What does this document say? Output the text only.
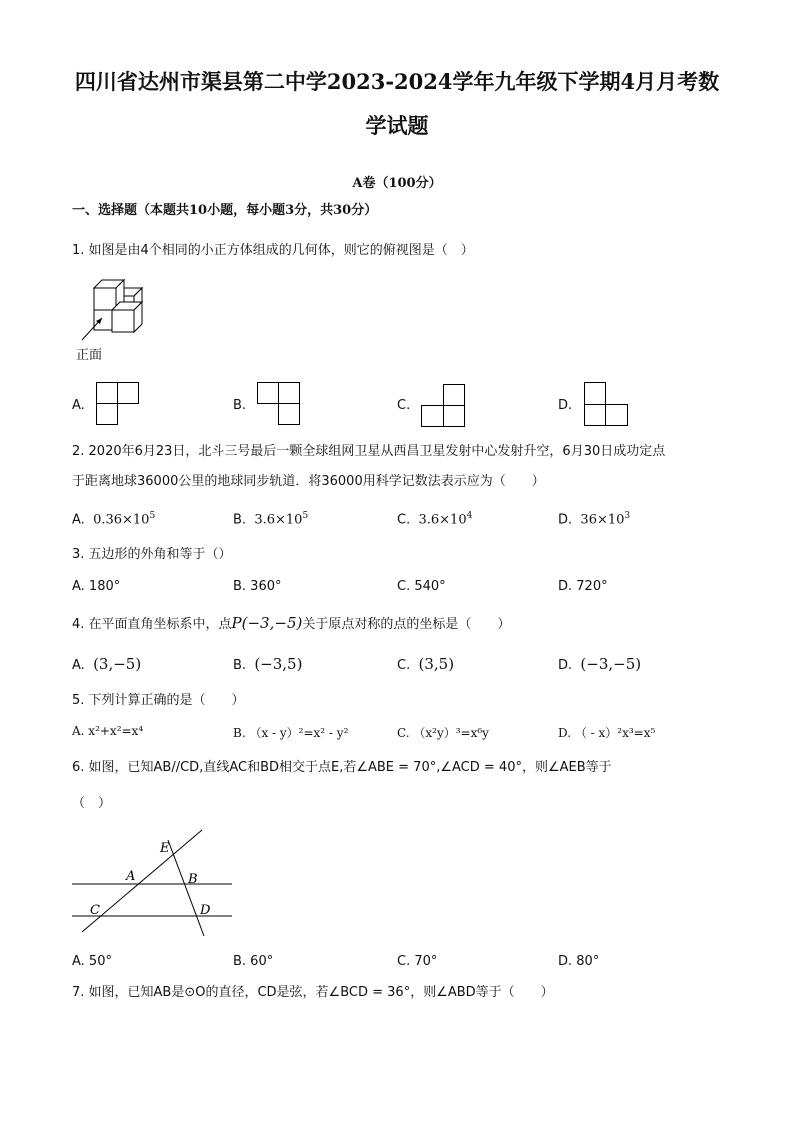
四川省达州市渠县第二中学2023-2024学年九年级下学期4月月考数
学试题
A卷（100分）
一、选择题（本题共10小题，每小题3分，共30分）
1. 如图是由4个相同的小正方体组成的几何体，则它的俯视图是（　）
正面
A.	B.	C.	D.
2. 2020年6月23日，北斗三号最后一颗全球组网卫星从西昌卫星发射中心发射升空，6月30日成功定点
于距离地球36000公里的地球同步轨道．将36000用科学记数法表示应为（　　）
A. $0.36\times 10^5$	B. $3.6\times 10^5$	C. $3.6\times 10^4$	D. $36\times 10^3$
3. 五边形的外角和等于（）
A. 180°	B. 360°	C. 540°	D. 720°
4. 在平面直角坐标系中，点P(−3,−5)关于原点对称的点的坐标是（　　）
A. (3,−5)	B. (−3,5)	C. (3,5)	D. (−3,−5)
5. 下列计算正确的是（　　）
A. x²+x²=x⁴	B. （x - y）²=x² - y²	C. （x²y）³=x⁶y	D. （ - x）²x³=x⁵
6. 如图，已知AB//CD,直线AC和BD相交于点E,若∠ABE = 70°,∠ACD = 40°，则∠AEB等于
（　）
E
A	B
C	D
A. 50°	B. 60°	C. 70°	D. 80°
7. 如图，已知AB是⊙O的直径，CD是弦，若∠BCD = 36°，则∠ABD等于（　　）
